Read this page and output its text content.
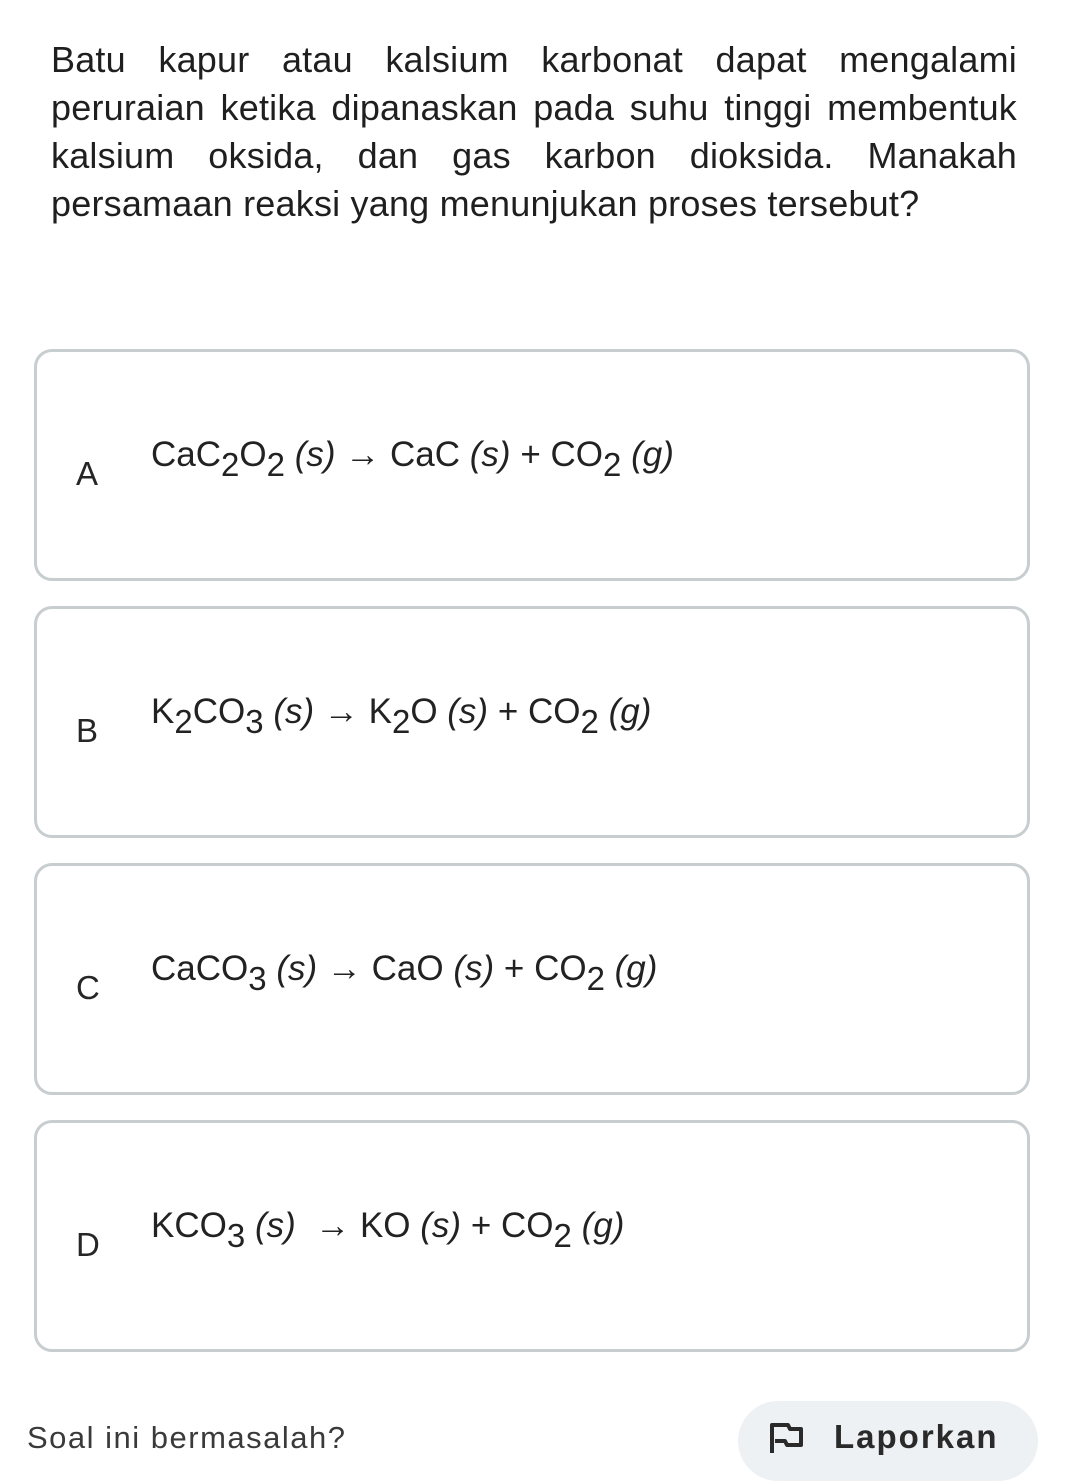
Batu kapur atau kalsium karbonat dapat mengalami peruraian ketika dipanaskan pada suhu tinggi membentuk kalsium oksida, dan gas karbon dioksida. Manakah persamaan reaksi yang menunjukan proses tersebut?

A $CaC_2O_2$ (s) → CaC $(s) + CO_2$ (g)
B $K_2CO_3$ $(s) \to K_2O$ $(s) + CO_2$ (g)
C CaCO$_3$ (s) → CaO $(s) + CO_2$ (g)
D $KCO_3$ (s) → KO $(s) + CO_2$ (g)
Soal ini bermasalah?	Laporkan
